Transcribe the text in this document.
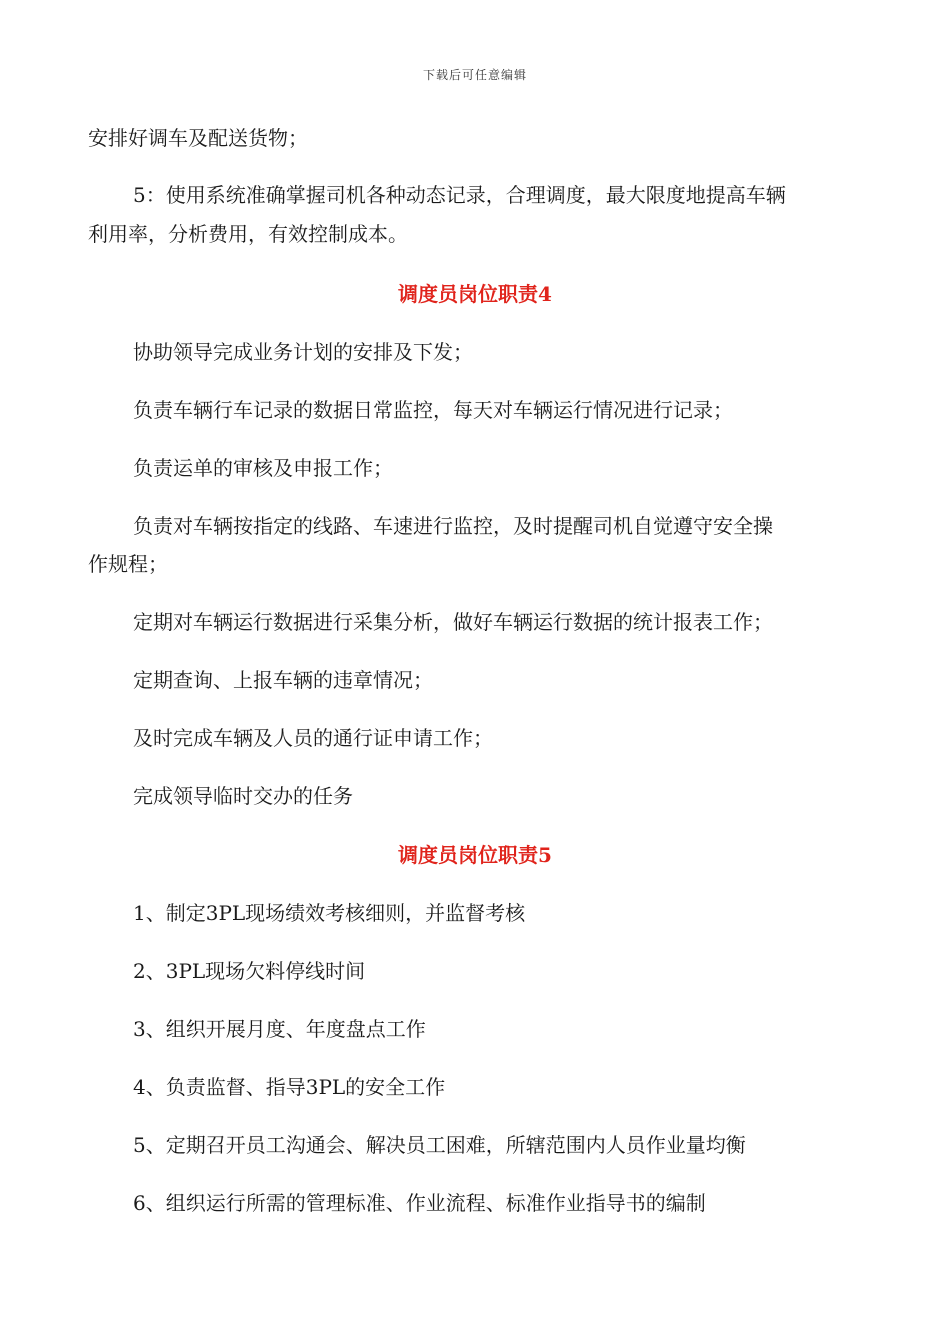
下载后可任意编辑
安排好调车及配送货物；
5：使用系统准确掌握司机各种动态记录，合理调度，最大限度地提高车辆
利用率，分析费用，有效控制成本。
调度员岗位职责4
协助领导完成业务计划的安排及下发；
负责车辆行车记录的数据日常监控，每天对车辆运行情况进行记录；
负责运单的审核及申报工作；
负责对车辆按指定的线路、车速进行监控，及时提醒司机自觉遵守安全操
作规程；
定期对车辆运行数据进行采集分析，做好车辆运行数据的统计报表工作；
定期查询、上报车辆的违章情况；
及时完成车辆及人员的通行证申请工作；
完成领导临时交办的任务
调度员岗位职责5
1、制定3PL现场绩效考核细则，并监督考核
2、3PL现场欠料停线时间
3、组织开展月度、年度盘点工作
4、负责监督、指导3PL的安全工作
5、定期召开员工沟通会、解决员工困难，所辖范围内人员作业量均衡
6、组织运行所需的管理标准、作业流程、标准作业指导书的编制
